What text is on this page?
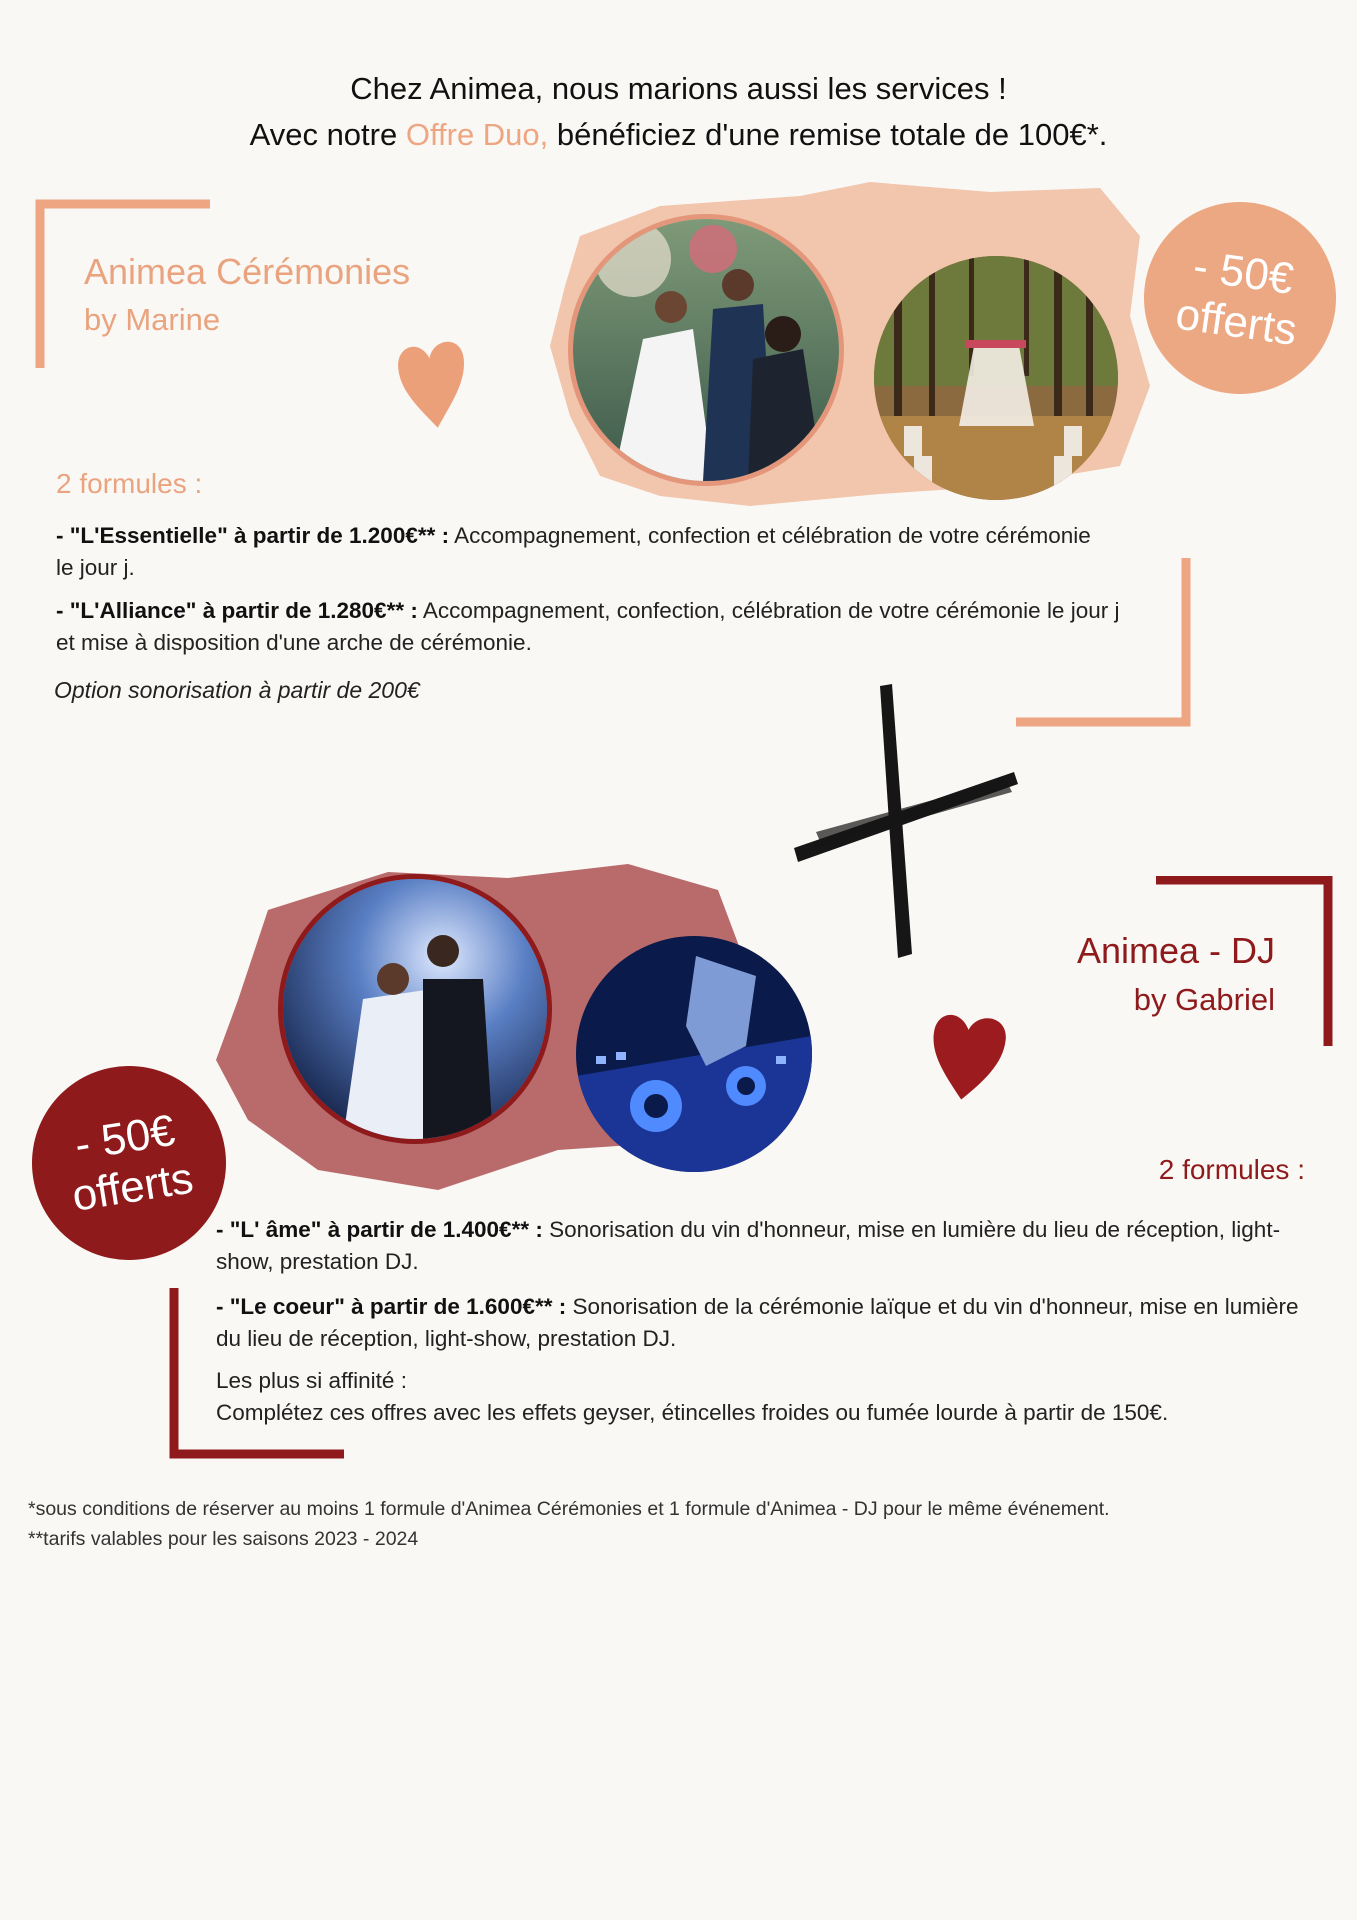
Chez Animea, nous marions aussi les services !
Avec notre Offre Duo, bénéficiez d'une remise totale de 100€*.
- 50€
offerts
Animea Cérémonies
by Marine
2 formules :
- "L'Essentielle" à partir de 1.200€** : Accompagnement, confection et célébration de votre cérémonie le jour j.
- "L'Alliance" à partir de 1.280€** : Accompagnement, confection, célébration de votre cérémonie le jour j et mise à disposition d'une arche de cérémonie.
Option sonorisation à partir de 200€
- 50€
offerts
Animea - DJ
by Gabriel
2 formules :
- "L' âme" à partir de 1.400€** : Sonorisation du vin d'honneur, mise en lumière du lieu de réception, light-show, prestation DJ.
- "Le coeur" à partir de 1.600€** : Sonorisation de la cérémonie laïque et du vin d'honneur, mise en lumière du lieu de réception, light-show, prestation DJ.
Les plus si affinité :
Complétez ces offres avec les effets geyser, étincelles froides ou fumée lourde à partir de 150€.
*sous conditions de réserver au moins 1 formule d'Animea Cérémonies et 1 formule d'Animea - DJ pour le même événement.
**tarifs valables pour les saisons 2023 - 2024
